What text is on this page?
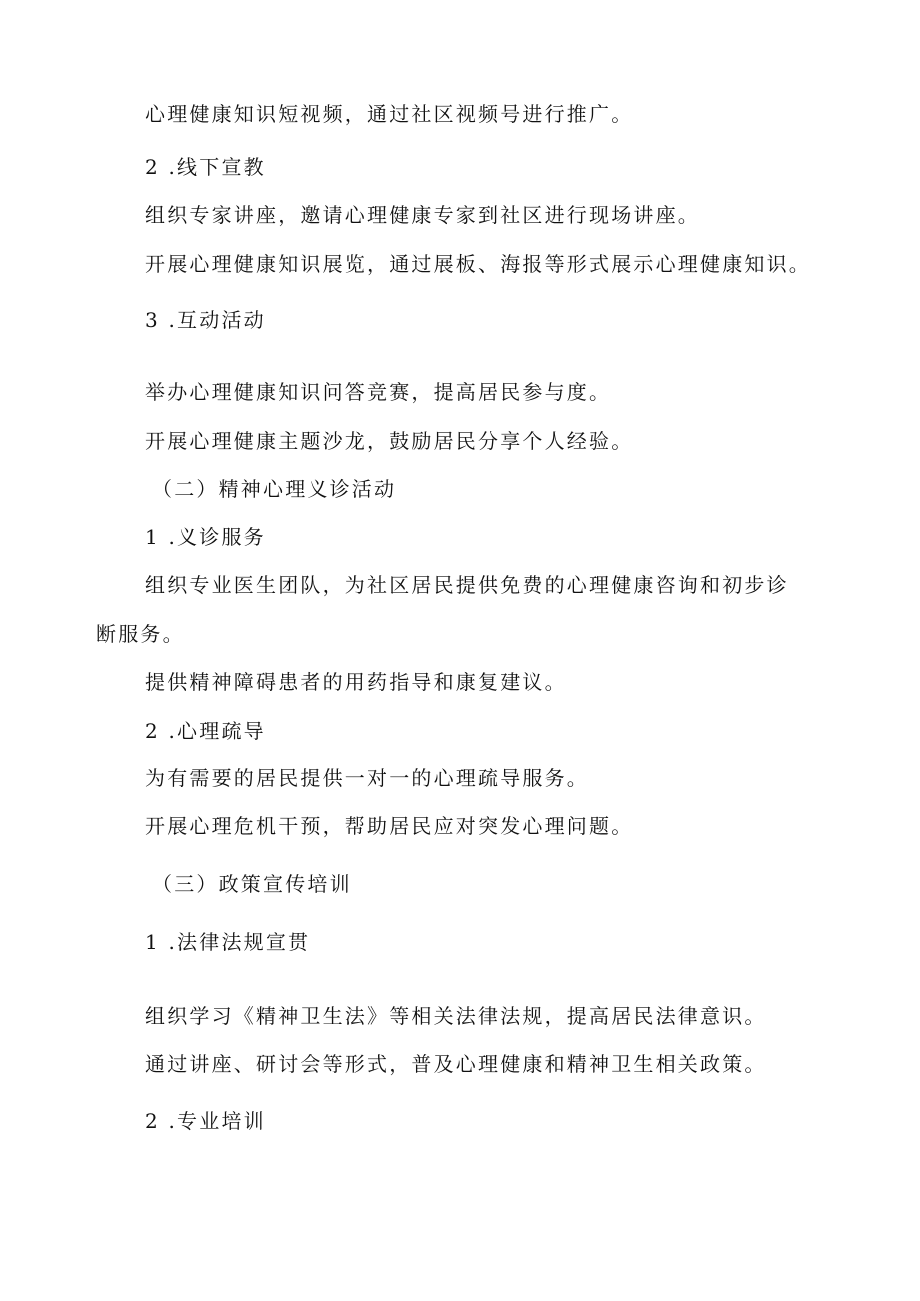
心理健康知识短视频，通过社区视频号进行推广。
2 .线下宣教
组织专家讲座，邀请心理健康专家到社区进行现场讲座。
开展心理健康知识展览，通过展板、海报等形式展示心理健康知识。
3 .互动活动
举办心理健康知识问答竞赛，提高居民参与度。
开展心理健康主题沙龙，鼓励居民分享个人经验。
（二）精神心理义诊活动
1 .义诊服务
组织专业医生团队，为社区居民提供免费的心理健康咨询和初步诊
断服务。
提供精神障碍患者的用药指导和康复建议。
2 .心理疏导
为有需要的居民提供一对一的心理疏导服务。
开展心理危机干预，帮助居民应对突发心理问题。
（三）政策宣传培训
1 .法律法规宣贯
组织学习《精神卫生法》等相关法律法规，提高居民法律意识。
通过讲座、研讨会等形式，普及心理健康和精神卫生相关政策。
2 .专业培训
